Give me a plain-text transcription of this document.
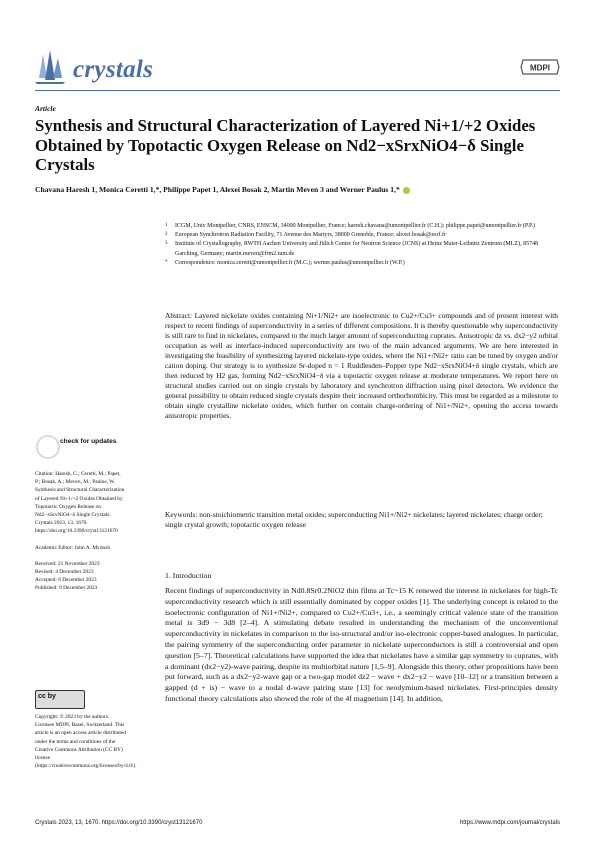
crystals	MDPI
Article
Synthesis and Structural Characterization of Layered Ni+1/+2 Oxides Obtained by Topotactic Oxygen Release on Nd2−xSrxNiO4−δ Single Crystals
Chavana Haresh 1, Monica Ceretti 1,*, Philippe Papet 1, Alexei Bosak 2, Martin Meven 3 and Werner Paulus 1,*
1 ICGM, Univ Montpellier, CNRS, ENSCM, 34000 Montpellier, France; haresh.chavana@umontpellier.fr (C.H.); philippe.papet@umontpellier.fr (P.P.)
2 European Synchrotron Radiation Facility, 71 Avenue des Martyrs, 38000 Grenoble, France; alexei.bosak@esrf.fr
3 Institute of Crystallography, RWTH Aachen University and Jülich Centre for Neutron Science (JCNS) at Heinz Maier-Leibnitz Zentrum (MLZ), 85748 Garching, Germany; martin.meven@frm2.tum.de
* Correspondence: monica.ceretti@umontpellier.fr (M.C.); werner.paulus@umontpellier.fr (W.P.)
Abstract: Layered nickelate oxides containing Ni+1/Ni2+ are isoelectronic to Cu2+/Cu3+ compounds and of present interest with respect to recent findings of superconductivity in a series of different compositions. It is thereby questionable why superconductivity is still rare to find in nickelates, compared to the much larger amount of superconducting cuprates. Anisotropic dz vs. dx2−y2 orbital occupation as well as interface-induced superconductivity are two of the main advanced arguments. We are here interested in investigating the feasibility of synthesizing layered nickelate-type oxides, where the Ni1+/Ni2+ ratio can be tuned by oxygen and/or cation doping. Our strategy is to synthesize Sr-doped n = 1 Ruddlesden–Popper type Nd2−xSrxNiO4+δ single crystals, which are then reduced by H2 gas, forming Nd2−xSrxNiO4−δ via a topotactic oxygen release at moderate temperatures. We report here on structural studies carried out on single crystals by laboratory and synchrotron diffraction using pixel detectors. We evidence the general possibility to obtain reduced single crystals despite their increased orthorhombicity. This must be regarded as a milestone to obtain single crystalline nickelate oxides, which further on contain charge-ordering of Ni1+/Ni2+, opening the access towards anisotropic properties.
Keywords: non-stoichiometric transition metal oxides; superconducting Ni1+/Ni2+ nickelates; layered nickelates; charge order; single crystal growth; topotactic oxygen release
check for updates
Citation: Haresh, C.; Ceretti, M.; Papet, P.; Bosak, A.; Meven, M.; Paulus, W. Synthesis and Structural Characterization of Layered Ni+1/+2 Oxides Obtained by Topotactic Oxygen Release on Nd2−xSrxNiO4−δ Single Crystals. Crystals 2023, 13, 1670. https://doi.org/10.3390/cryst13121670
Academic Editor: John A. Mydosh
Received: 21 November 2023
Revised: 4 December 2023
Accepted: 6 December 2023
Published: 9 December 2023
cc by
Copyright: © 2023 by the authors. Licensee MDPI, Basel, Switzerland. This article is an open access article distributed under the terms and conditions of the Creative Commons Attribution (CC BY) license (https://creativecommons.org/licenses/by/4.0/).
1. Introduction
Recent findings of superconductivity in Nd0.8Sr0.2NiO2 thin films at Tc~15 K renewed the interest in nickelates for high-Tc superconductivity research which is still essentially dominated by copper oxides [1]. The underlying concept is related to the isoelectronic configuration of Ni1+/Ni2+, compared to Cu2+/Cu3+, i.e., a seemingly critical valence state of the transition metal is 3d9 − 3d8 [2–4]. A stimulating debate resulted in understanding the mechanism of the unconventional superconductivity in nickelates in comparison to the iso-structural and/or iso-electronic copper-based analogues. In particular, the pairing symmetry of the superconducting order parameter in nickelate superconductors is still a controversial and open question [5–7]. Theoretical calculations have supported the idea that nickelates have a similar gap symmetry to cuprates, with a dominant (dx2−y2)-wave pairing, despite its multiorbital nature [1,5–9]. Alongside this theory, other propositions have been put forward, such as a dx2−y2-wave gap or a two-gap model dz2 − wave + dx2−y2 − wave [10–12] or a transition between a gapped (d + is) − wave to a nodal d-wave pairing state [13] for neodymium-based nickelates. First-principles density functional theory calculations also showed the role of the 4f magnetism [14]. In addition,
Crystals 2023, 13, 1670. https://doi.org/10.3390/cryst13121670	https://www.mdpi.com/journal/crystals
